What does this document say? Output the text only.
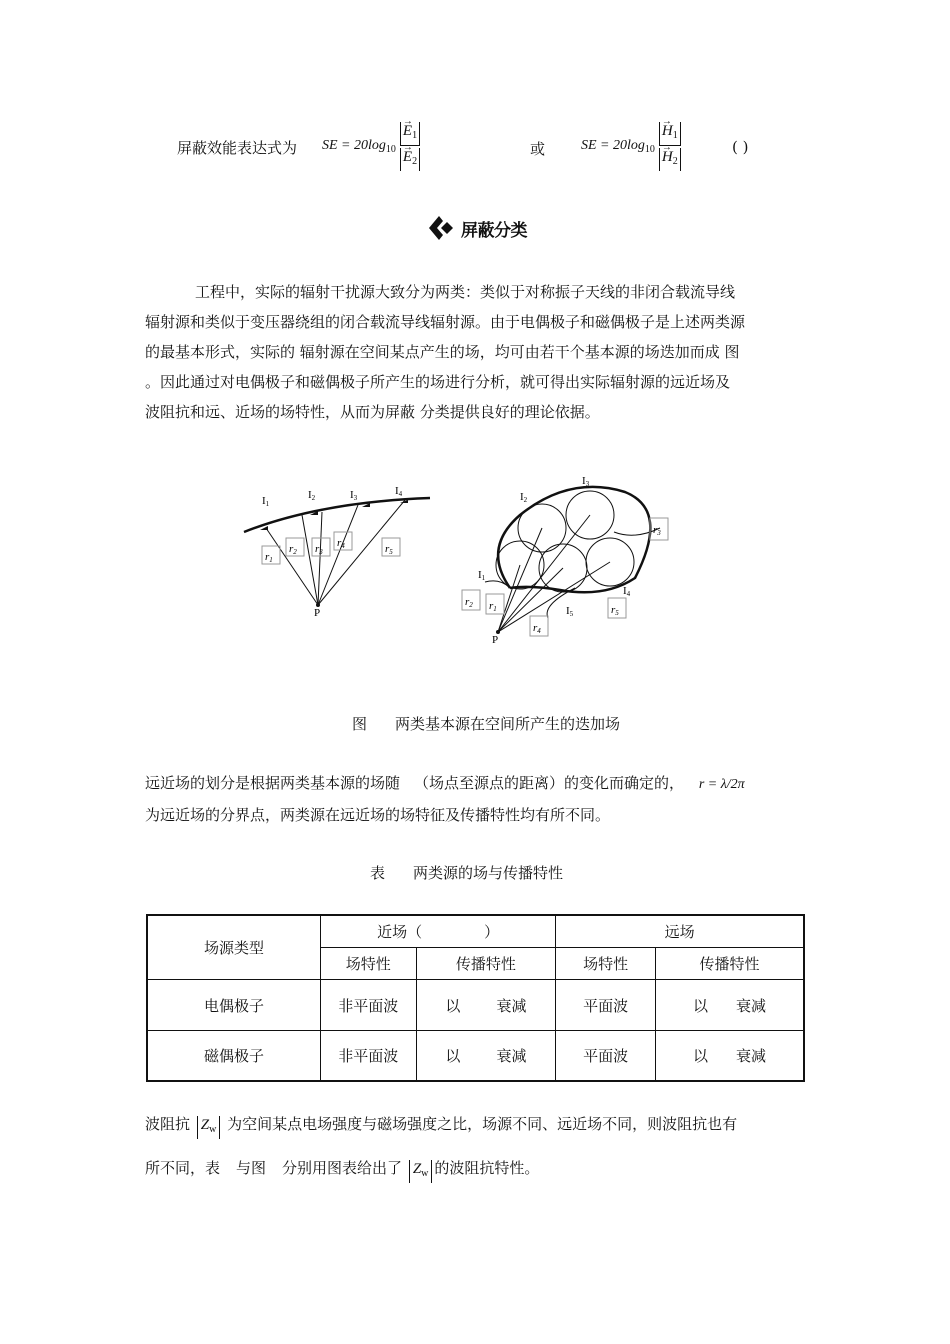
屏蔽效能表达式为 SE = $20\log_{10} \to E_1$
→ $E_2$	或	SE = $20\log_{10} \to H_1$
→ $H_2$	( )
屏蔽分类
工程中，实际的辐射干扰源大致分为两类：类似于对称振子天线的非闭合载流导线
辐射源和类似于变压器绕组的闭合载流导线辐射源。由于电偶极子和磁偶极子是上述两类源
的最基本形式，实际的 辐射源在空间某点产生的场，均可由若干个基本源的场迭加而成 图
。因此通过对电偶极子和磁偶极子所产生的场进行分析，就可得出实际辐射源的远近场及
波阻抗和远、近场的场特性，从而为屏蔽 分类提供良好的理论依据。
I1
I2	I3
I4
P
r1
r2 r3
r4	r5
I2
I3
I1
I4
I5
P
r2 r1
r3
r4
r5
图 两类基本源在空间所产生的迭加场
远近场的划分是根据两类基本源的场随 （场点至源点的距离）的变化而确定的， r = λ/2π
为远近场的分界点，两类源在远近场的场特征及传播特性均有所不同。
表 两类源的场与传播特性
场源类型	近场（ ）		远场	
	场特性	传播特性	场特性	传播特性
电偶极子	非平面波	以 衰减	平面波	以 衰减
磁偶极子	非平面波	以 衰减	平面波	以 衰减
波阻抗 $Z_w$ 为空间某点电场强度与磁场强度之比，场源不同、远近场不同，则波阻抗也有
所不同，表 与图 分别用图表给出了 $Z_w$ 的波阻抗特性。
